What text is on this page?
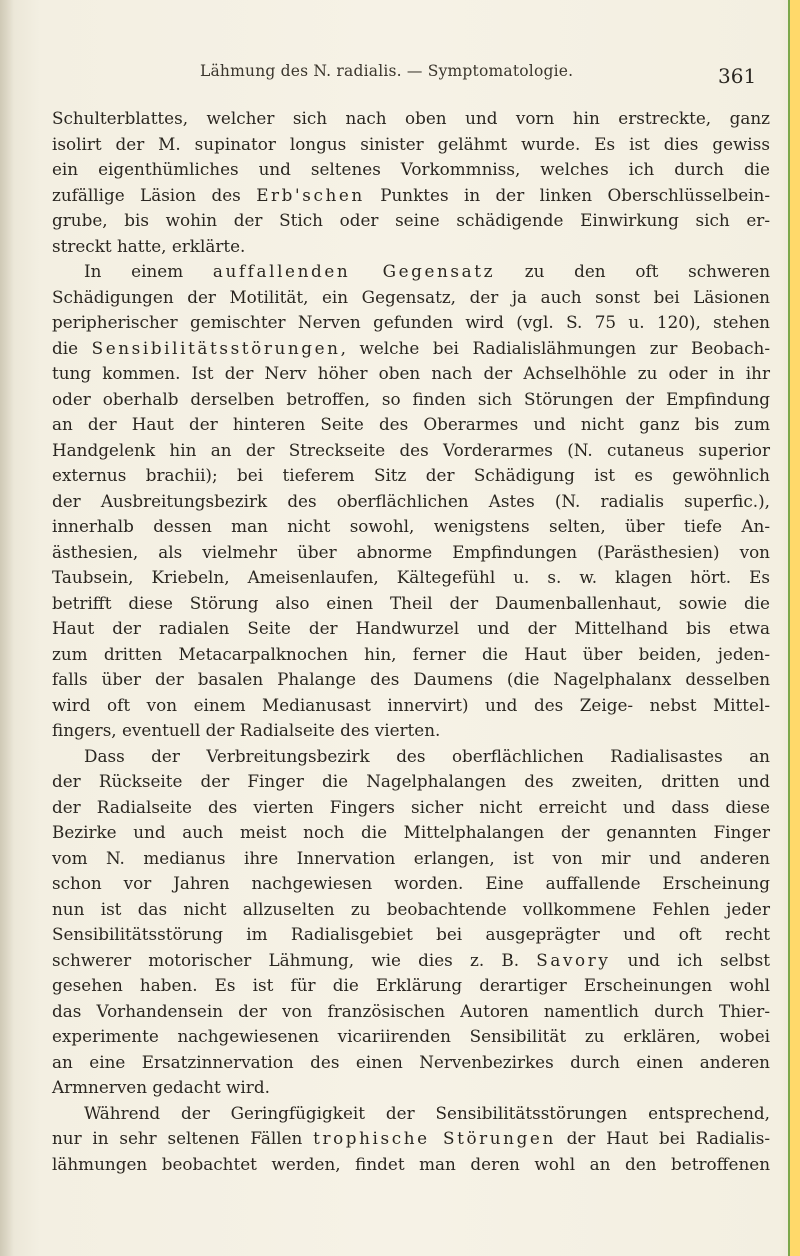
Lähmung des N. radialis. — Symptomatologie.	361
Schulterblattes, welcher sich nach oben und vorn hin erstreckte, ganz
isolirt der M. supinator longus sinister gelähmt wurde. Es ist dies gewiss
ein eigenthümliches und seltenes Vorkommniss, welches ich durch die
zufällige Läsion des Erb'schen Punktes in der linken Oberschlüsselbein-
grube, bis wohin der Stich oder seine schädigende Einwirkung sich er-
streckt hatte, erklärte.
In einem auffallenden Gegensatz zu den oft schweren
Schädigungen der Motilität, ein Gegensatz, der ja auch sonst bei Läsionen
peripherischer gemischter Nerven gefunden wird (vgl. S. 75 u. 120), stehen
die Sensibilitätsstörungen, welche bei Radialislähmungen zur Beobach-
tung kommen. Ist der Nerv höher oben nach der Achselhöhle zu oder in ihr
oder oberhalb derselben betroffen, so finden sich Störungen der Empfindung
an der Haut der hinteren Seite des Oberarmes und nicht ganz bis zum
Handgelenk hin an der Streckseite des Vorderarmes (N. cutaneus superior
externus brachii); bei tieferem Sitz der Schädigung ist es gewöhnlich
der Ausbreitungsbezirk des oberflächlichen Astes (N. radialis superfic.),
innerhalb dessen man nicht sowohl, wenigstens selten, über tiefe An-
ästhesien, als vielmehr über abnorme Empfindungen (Parästhesien) von
Taubsein, Kriebeln, Ameisenlaufen, Kältegefühl u. s. w. klagen hört. Es
betrifft diese Störung also einen Theil der Daumenballenhaut, sowie die
Haut der radialen Seite der Handwurzel und der Mittelhand bis etwa
zum dritten Metacarpalknochen hin, ferner die Haut über beiden, jeden-
falls über der basalen Phalange des Daumens (die Nagelphalanx desselben
wird oft von einem Medianusast innervirt) und des Zeige- nebst Mittel-
fingers, eventuell der Radialseite des vierten.
Dass der Verbreitungsbezirk des oberflächlichen Radialisastes an
der Rückseite der Finger die Nagelphalangen des zweiten, dritten und
der Radialseite des vierten Fingers sicher nicht erreicht und dass diese
Bezirke und auch meist noch die Mittelphalangen der genannten Finger
vom N. medianus ihre Innervation erlangen, ist von mir und anderen
schon vor Jahren nachgewiesen worden. Eine auffallende Erscheinung
nun ist das nicht allzuselten zu beobachtende vollkommene Fehlen jeder
Sensibilitätsstörung im Radialisgebiet bei ausgeprägter und oft recht
schwerer motorischer Lähmung, wie dies z. B. Savory und ich selbst
gesehen haben. Es ist für die Erklärung derartiger Erscheinungen wohl
das Vorhandensein der von französischen Autoren namentlich durch Thier-
experimente nachgewiesenen vicariirenden Sensibilität zu erklären, wobei
an eine Ersatzinnervation des einen Nervenbezirkes durch einen anderen
Armnerven gedacht wird.
Während der Geringfügigkeit der Sensibilitätsstörungen entsprechend,
nur in sehr seltenen Fällen trophische Störungen der Haut bei Radialis-
lähmungen beobachtet werden, findet man deren wohl an den betroffenen
